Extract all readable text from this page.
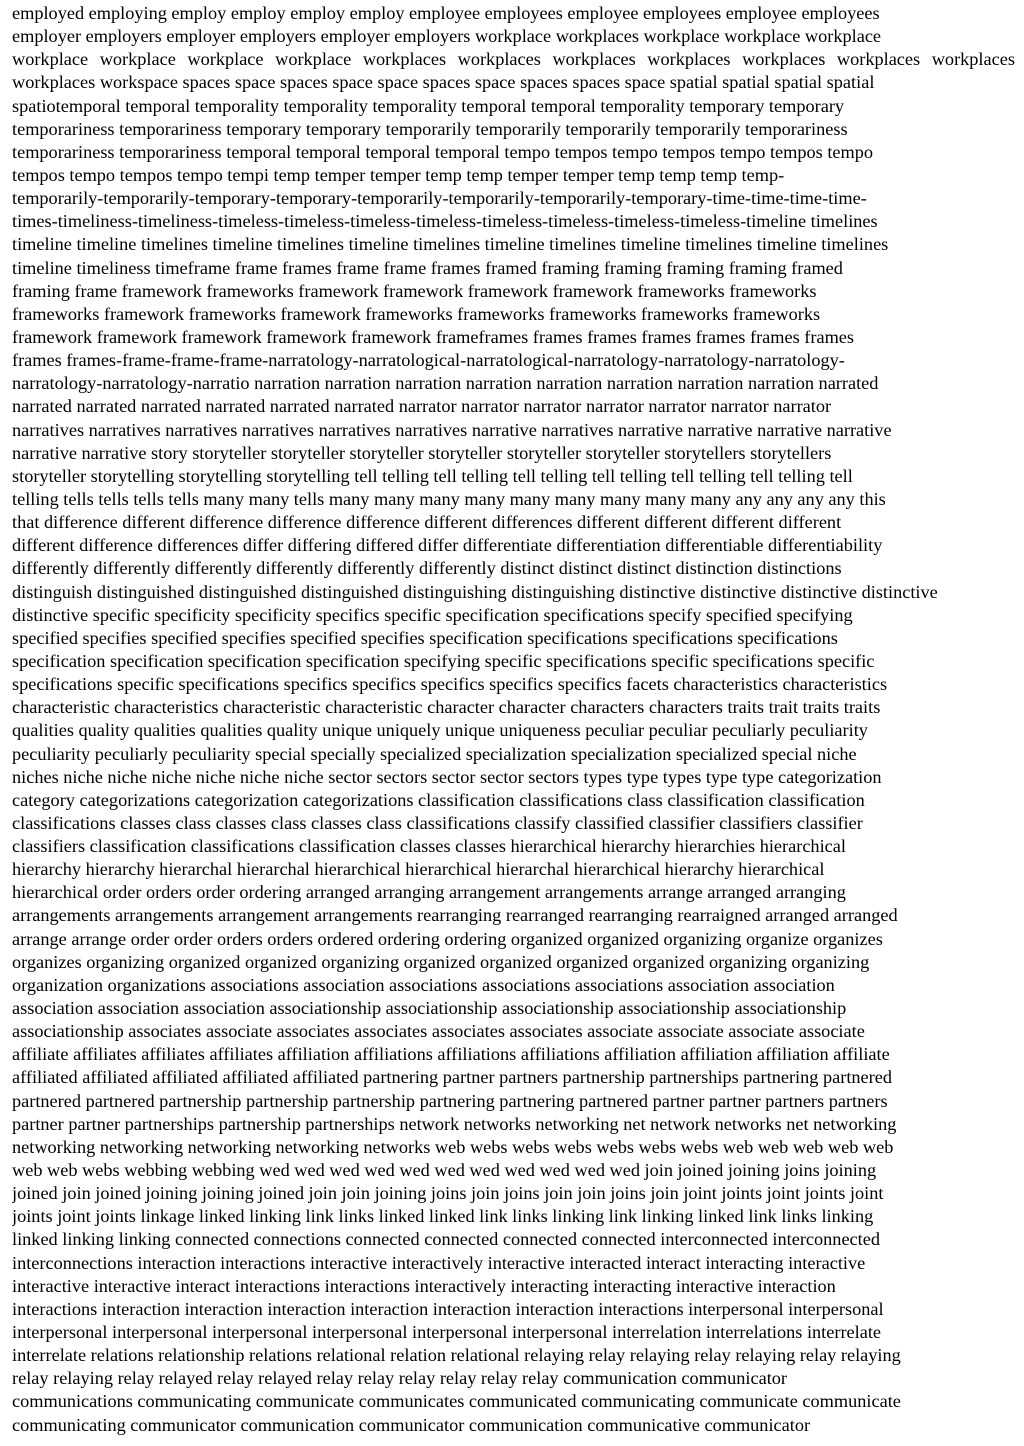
employed employing employ employ employ employ employee employees employee employees employee employees
employer employers employer employers employer employers workplace workplaces workplace workplace workplace
workplace workplace workplace workplace workplaces workplaces workplaces workplaces workplaces workplaces workplaces
workplaces workspace spaces space spaces space space spaces space spaces spaces space spatial spatial spatial spatial
spatiotemporal temporal temporality temporality temporality temporal temporal temporality temporary temporary
temporariness temporariness temporary temporary temporarily temporarily temporarily temporarily temporariness
temporariness temporariness temporal temporal temporal temporal tempo tempos tempo tempos tempo tempos tempo
tempos tempo tempos tempo tempi temp temper temper temp temp temper temper temp temp temp temp-
temporarily-temporarily-temporary-temporary-temporarily-temporarily-temporarily-temporary-time-time-time-time-
times-timeliness-timeliness-timeless-timeless-timeless-timeless-timeless-timeless-timeless-timeless-timeline timelines
timeline timeline timelines timeline timelines timeline timelines timeline timelines timeline timelines timeline timelines
timeline timeliness timeframe frame frames frame frame frames framed framing framing framing framing framed
framing frame framework frameworks framework framework framework framework frameworks frameworks
frameworks framework frameworks framework frameworks frameworks frameworks frameworks frameworks
framework framework framework framework framework frameframes frames frames frames frames frames frames
frames frames-frame-frame-frame-narratology-narratological-narratological-narratology-narratology-narratology-
narratology-narratology-narratio narration narration narration narration narration narration narration narration narrated
narrated narrated narrated narrated narrated narrated narrator narrator narrator narrator narrator narrator narrator
narratives narratives narratives narratives narratives narratives narrative narratives narrative narrative narrative narrative
narrative narrative story storyteller storyteller storyteller storyteller storyteller storyteller storytellers storytellers
storyteller storytelling storytelling storytelling tell telling tell telling tell telling tell telling tell telling tell telling tell
telling tells tells tells tells many many tells many many many many many many many many many any any any any this
that difference different difference difference difference different differences different different different different
different difference differences differ differing differed differ differentiate differentiation differentiable differentiability
differently differently differently differently differently differently distinct distinct distinct distinction distinctions
distinguish distinguished distinguished distinguished distinguishing distinguishing distinctive distinctive distinctive distinctive
distinctive specific specificity specificity specifics specific specification specifications specify specified specifying
specified specifies specified specifies specified specifies specification specifications specifications specifications
specification specification specification specification specifying specific specifications specific specifications specific
specifications specific specifications specifics specifics specifics specifics specifics facets characteristics characteristics
characteristic characteristics characteristic characteristic character character characters characters traits trait traits traits
qualities quality qualities qualities quality unique uniquely unique uniqueness peculiar peculiar peculiarly peculiarity
peculiarity peculiarly peculiarity special specially specialized specialization specialization specialized special niche
niches niche niche niche niche niche niche sector sectors sector sector sectors types type types type type categorization
category categorizations categorization categorizations classification classifications class classification classification
classifications classes class classes class classes class classifications classify classified classifier classifiers classifier
classifiers classification classifications classification classes classes hierarchical hierarchy hierarchies hierarchical
hierarchy hierarchy hierarchal hierarchal hierarchical hierarchical hierarchal hierarchical hierarchy hierarchical
hierarchical order orders order ordering arranged arranging arrangement arrangements arrange arranged arranging
arrangements arrangements arrangement arrangements rearranging rearranged rearranging rearraigned arranged arranged
arrange arrange order order orders orders ordered ordering ordering organized organized organizing organize organizes
organizes organizing organized organized organizing organized organized organized organized organizing organizing
organization organizations associations association associations associations associations association association
association association association associationship associationship associationship associationship associationship
associationship associates associate associates associates associates associates associate associate associate associate
affiliate affiliates affiliates affiliates affiliation affiliations affiliations affiliations affiliation affiliation affiliation affiliate
affiliated affiliated affiliated affiliated affiliated partnering partner partners partnership partnerships partnering partnered
partnered partnered partnership partnership partnership partnering partnering partnered partner partner partners partners
partner partner partnerships partnership partnerships network networks networking net network networks net networking
networking networking networking networking networks web webs webs webs webs webs webs web web web web web
web web webs webbing webbing wed wed wed wed wed wed wed wed wed wed wed join joined joining joins joining
joined join joined joining joining joined join join joining joins join joins join join joins join joint joints joint joints joint
joints joint joints linkage linked linking link links linked linked link links linking link linking linked link links linking
linked linking linking connected connections connected connected connected connected interconnected interconnected
interconnections interaction interactions interactive interactively interactive interacted interact interacting interactive
interactive interactive interact interactions interactions interactively interacting interacting interactive interaction
interactions interaction interaction interaction interaction interaction interaction interactions interpersonal interpersonal
interpersonal interpersonal interpersonal interpersonal interpersonal interpersonal interrelation interrelations interrelate
interrelate relations relationship relations relational relation relational relaying relay relaying relay relaying relay relaying
relay relaying relay relayed relay relayed relay relay relay relay relay relay communication communicator
communications communicating communicate communicates communicated communicating communicate communicate
communicating communicator communication communicator communication communicative communicator
